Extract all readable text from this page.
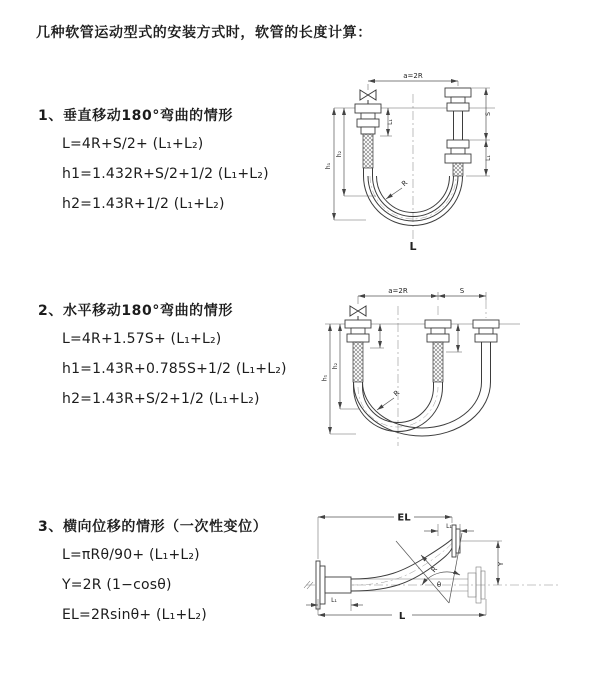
几种软管运动型式的安装方式时，软管的长度计算：
1、垂直移动180°弯曲的情形
L=4R+S/2+ (L₁+L₂)
h1=1.432R+S/2+1/2 (L₁+L₂)
h2=1.43R+1/2 (L₁+L₂)
2、水平移动180°弯曲的情形
L=4R+1.57S+ (L₁+L₂)
h1=1.43R+0.785S+1/2 (L₁+L₂)
h2=1.43R+S/2+1/2 (L₁+L₂)
3、横向位移的情形（一次性变位）
L=πRθ/90+ (L₁+L₂)
Y=2R (1−cosθ)
EL=2Rsinθ+ (L₁+L₂)
a=2R
h₁
h₂
L₁
S
L₁
R
L
a=2R	S
h₁
h₂
R
EL
L₁
Y
R
θ
L₁
L
